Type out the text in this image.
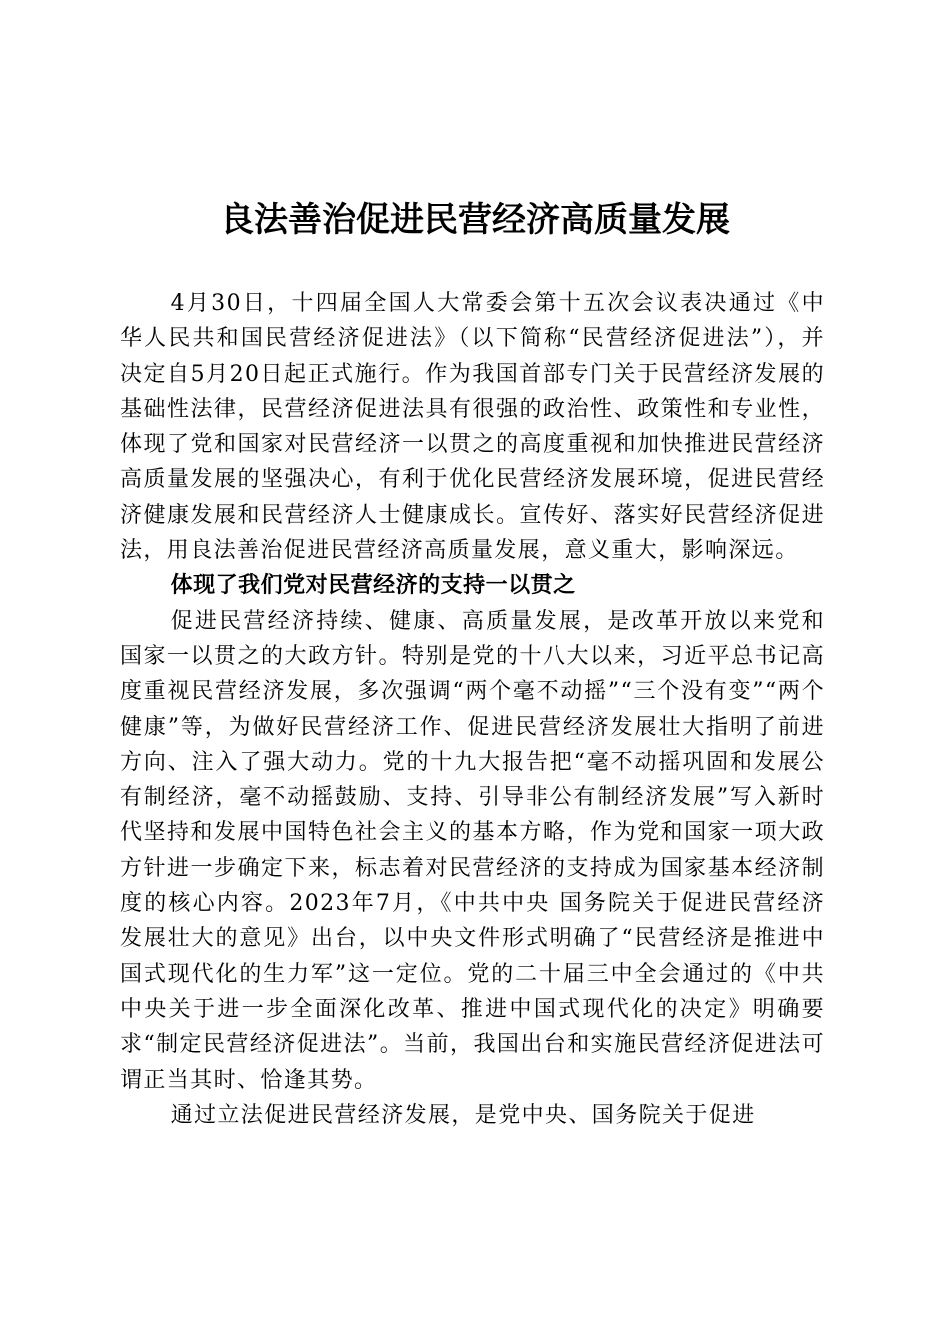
良法善治促进民营经济高质量发展

4月30日，十四届全国人大常委会第十五次会议表决通过《中华人民共和国民营经济促进法》（以下简称“民营经济促进法”），并决定自5月20日起正式施行。作为我国首部专门关于民营经济发展的基础性法律，民营经济促进法具有很强的政治性、政策性和专业性，体现了党和国家对民营经济一以贯之的高度重视和加快推进民营经济高质量发展的坚强决心，有利于优化民营经济发展环境，促进民营经济健康发展和民营经济人士健康成长。宣传好、落实好民营经济促进法，用良法善治促进民营经济高质量发展，意义重大，影响深远。

体现了我们党对民营经济的支持一以贯之

促进民营经济持续、健康、高质量发展，是改革开放以来党和国家一以贯之的大政方针。特别是党的十八大以来，习近平总书记高度重视民营经济发展，多次强调“两个毫不动摇”“三个没有变”“两个健康”等，为做好民营经济工作、促进民营经济发展壮大指明了前进方向、注入了强大动力。党的十九大报告把“毫不动摇巩固和发展公有制经济，毫不动摇鼓励、支持、引导非公有制经济发展”写入新时代坚持和发展中国特色社会主义的基本方略，作为党和国家一项大政方针进一步确定下来，标志着对民营经济的支持成为国家基本经济制度的核心内容。2023年7月，《中共中央 国务院关于促进民营经济发展壮大的意见》出台，以中央文件形式明确了“民营经济是推进中国式现代化的生力军”这一定位。党的二十届三中全会通过的《中共中央关于进一步全面深化改革、推进中国式现代化的决定》明确要求“制定民营经济促进法”。当前，我国出台和实施民营经济促进法可谓正当其时、恰逢其势。

通过立法促进民营经济发展，是党中央、国务院关于促进
